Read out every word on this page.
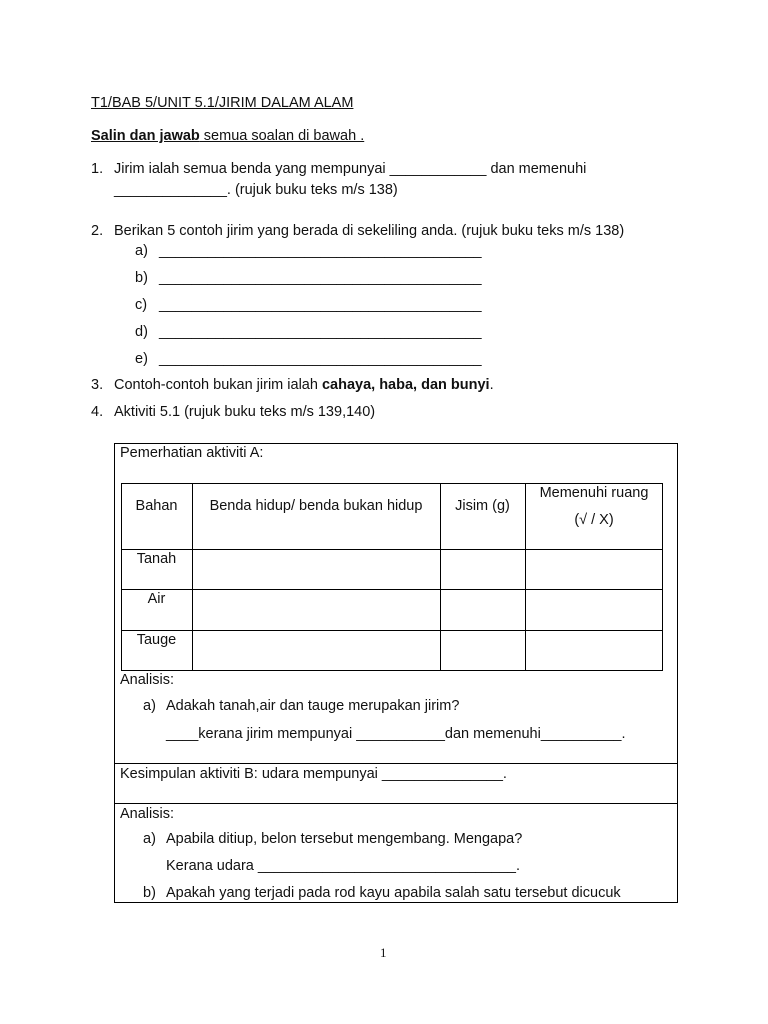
T1/BAB 5/UNIT 5.1/JIRIM DALAM ALAM
Salin dan jawab semua soalan di bawah .
1. Jirim ialah semua benda yang mempunyai ____________ dan memenuhi
______________. (rujuk buku teks m/s 138)
2. Berikan 5 contoh jirim yang berada di sekeliling anda. (rujuk buku teks m/s 138)
a) ________________________________________
b) ________________________________________
c) ________________________________________
d) ________________________________________
e) ________________________________________
3. Contoh-contoh bukan jirim ialah cahaya, haba, dan bunyi.
4. Aktiviti 5.1 (rujuk buku teks m/s 139,140)
Pemerhatian aktiviti A:
Bahan	Benda hidup/ benda bukan hidup	Jisim (g)
Memenuhi ruang
(√ / X)
Tanah
Air
Tauge
Analisis:
a) Adakah tanah,air dan tauge merupakan jirim?
____kerana jirim mempunyai ___________dan memenuhi__________.
Kesimpulan aktiviti B: udara mempunyai _______________.
Analisis:
a) Apabila ditiup, belon tersebut mengembang. Mengapa?
Kerana udara ________________________________.
b) Apakah yang terjadi pada rod kayu apabila salah satu tersebut dicucuk
1
